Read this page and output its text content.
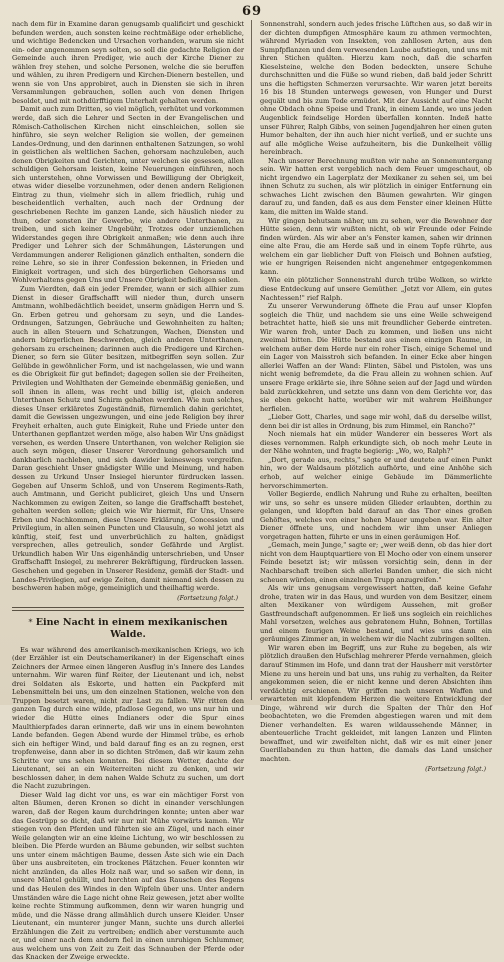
69

nach dem für in Examine daran genugsamb qualificirt und geschickt befunden werden, auch sonsten keine rechtmäßige oder erhebliche, und wichtige Bedencken und Ursachen vorhanden, warum sie nicht ein- oder angenommen seyn solten, so soll die gedachte Religion der Gemeinde auch ihren Prediger, wie auch der Kirche Diener zu wählen frey stehen, und solche Personen, welche die sie beruffen und wählen, zu ihren Predigern und Kirchen-Dienern bestellen, und wenn sie von Uns approbiret, auch in Diensten sie sich in ihren Versammlungen gebrauchen, sollen auch von denen Ihrigen besoldet, und mit nothdürfftigem Unterhalt gehalten werden.

Damit auch zum Dritten, so viel möglich, verhütet und vorkommen werde, daß sich die Lehrer und Secten in der Evangelischen und Römisch-Catholischen Kirchen nicht einschleichen, sollen sie hinführo, sie seyn welcher Religion sie wollen, der gemeinen Landes-Ordnung, und den darinnen enthaltenen Satzungen, so wohl in geistlichen als weltlichen Sachen, gehorsam nachzuleben, auch denen Obrigkeiten und Gerichten, unter welchen sie gesessen, allen schuldigen Gehorsam leisten, keine Neuerungen einführen, noch sich unterstehen, ohne Vorwissen und Bewilligung der Obrigkeit, etwas wider dieselbe vorzunehmen, oder denen andern Religionen Eintrag zu thun, vielmehr sich in allem friedlich, ruhig und bescheidentlich verhalten, auch nach der Ordnung der geschriebenen Rechte im ganzen Lande, sich häuslich nieder zu thun, oder sonsten ihr Gewerbe, wie andere Unterthanen, zu treiben, und sich keiner Ungebühr, Trotzes oder unziemlichen Widerstandes gegen ihre Obrigkeit anmaßen; wie denn auch ihre Prediger und Lehrer sich der Schmähungen, Lästerungen und Verdammungen anderer Religionen gänzlich enthalten, sondern die reine Lehre, so sie in ihrer Confession bekennen, in Frieden und Einigkeit vortragen, und sich des bürgerlichen Gehorsams und Wohlverhaltens gegen Uns und Unsere Obrigkeit befleißigen sollen.

Zum Vierdten, daß ein jeder Fremder, wann er sich allhier zum Dienst in dieser Graffschafft will nieder thun, durch unsern Amtmann, wohlbedächtlich beeidet, unserm gnädigen Herrn und S. Gn. Erben getreu und gehorsam zu seyn, und die Landes-Ordnungen, Satzungen, Gebräuche und Gewohnheiten zu halten; auch in allen Steuern und Schatzungen, Wachen, Diensten und andern bürgerlichen Beschwerden, gleich anderen Unterthanen, gehorsam zu erscheinen; darinnen auch die Predigere und Kirchen-Diener, so fern sie Güter besitzen, mitbegriffen seyn sollen. Zur Gelübde in gewöhnlicher Form, und ist nachgelassen, wie und wann es die Obrigkeit für gut befindet; dagegen sollen sie der Freiheiten, Privilegien und Wohlthaten der Gemeinde ebenmäßig genießen, und soll ihnen in allem, was recht und billig ist, gleich anderen Unterthanen Schutz und Schirm gehalten werden. Wie nun solches, dieses Unser erkläretes Zugeständniß, fürnemlich dahin gerichtet, damit die Gewissen ungezwungen, und eine jede Religion bey ihrer Freyheit erhalten, auch gute Einigkeit, Ruhe und Friede unter den Unterthanen gepflantzet werden möge, also haben Wir Uns gnädigst versehen, es werden Unsere Unterthanen, von welcher Religion sie auch seyn mögen, dieser Unserer Verordnung gehorsamlich und dankbarlich nachleben, und sich dawider keineswegs vergreifen. Daran geschieht Unser gnädigster Wille und Meinung, und haben dessen zu Urkund Unser Insiegel hierunter fürdrucken lassen. Gegeben auf Unserm Schloß, und von Unserem Regiments-Rath, auch Amtmann, und Gericht publiciret, gleich Uns und Unsern Nachkommen zu ewigen Zeiten, so lange die Graffschafft bestehet, gehalten werden sollen; gleich wie Wir hiermit, für Uns, Unsere Erben und Nachkommen, diese Unsere Erklärung, Concession und Privilegium, in allen seinen Puncten und Clausuln, so wohl jetzt als künftig, steif, fest und unverbrüchlich zu halten, gnädigst versprechen, alles getreulich, sonder Gefährde und Arglist. Urkundlich haben Wir Uns eigenhändig unterschrieben, und Unser Graffschafft Insiegel, zu mehrerer Bekräftigung, fürdrucken lassen. Geschehen und gegeben in Unserer Residenz, gemäß der Stadt- und Landes-Privilegien, auf ewige Zeiten, damit niemand sich dessen zu beschweren haben möge, gemeiniglich und theilhaftig werde.

(Fortsetzung folgt.)
* Eine Nacht in einem mexikanischen Walde.

Es war während des amerikanisch-mexikanischen Kriegs, wo ich (der Erzähler ist ein Deutschamerikaner) in der Eigenschaft eines Zeichners der Armee einen längeren Ausflug in's Innere des Landes unternahm. Wir waren fünf Reiter, der Lieutenant und ich, nebst drei Soldaten als Eskorte, und hatten ein Packpferd mit Lebensmitteln bei uns, um den einzelnen Stationen, welche von den Truppen besetzt waren, nicht zur Last zu fallen. Wir ritten den ganzen Tag durch eine wilde, pfadlose Gegend, wo uns nur hin und wieder die Hütte eines Indianers oder die Spur eines Maulthierpfades daran erinnerte, daß wir uns in einem bewohnten Lande befanden. Gegen Abend wurde der Himmel trübe, es erhob sich ein heftiger Wind, und bald darauf fing es an zu regnen, erst tropfenweise, dann aber in so dichten Strömen, daß wir kaum zehn Schritte vor uns sehen konnten. Bei diesem Wetter, dachte der Lieutenant, sei an ein Weiterreiten nicht zu denken, und wir beschlossen daher, in dem nahen Walde Schutz zu suchen, um dort die Nacht zuzubringen.

Dieser Wald lag dicht vor uns, es war ein mächtiger Forst von alten Bäumen, deren Kronen so dicht in einander verschlungen waren, daß der Regen kaum durchdringen konnte; unten aber war das Gestrüpp so dicht, daß wir nur mit Mühe vorwärts kamen. Wir stiegen von den Pferden und führten sie am Zügel, und nach einer Weile gelangten wir an eine kleine Lichtung, wo wir beschlossen zu bleiben. Die Pferde wurden an Bäume gebunden, wir selbst suchten uns unter einem mächtigen Baume, dessen Äste sich wie ein Dach über uns ausbreiteten, ein trockenes Plätzchen. Feuer konnten wir nicht anzünden, da alles Holz naß war, und so saßen wir denn, in unsere Mäntel gehüllt, und horchten auf das Rauschen des Regens und das Heulen des Windes in den Wipfeln über uns. Unter andern Umständen wäre die Lage nicht ohne Reiz gewesen, jetzt aber wollte keine rechte Stimmung aufkommen, denn wir waren hungrig und müde, und die Nässe drang allmählich durch unsere Kleider. Unser Lieutenant, ein munterer junger Mann, suchte uns durch allerlei Erzählungen die Zeit zu vertreiben; endlich aber verstummte auch er, und einer nach dem andern fiel in einen unruhigen Schlummer, aus welchem uns von Zeit zu Zeit das Schnauben der Pferde oder das Knacken der Zweige erweckte.

Sonnenstrahl, sondern auch jedes frische Lüftchen aus, so daß wir in der dichten dumpfigen Atmosphäre kaum zu athmen vermochten, während Myriaden von Insekten, von zahllosen Arten, aus den Sumpfpflanzen und dem verwesenden Laube aufstiegen, und uns mit ihren Stichen quälten. Hierzu kam noch, daß die scharfen Kieselsteine, welche den Boden bedeckten, unsere Schuhe durchschnitten und die Füße so wund rieben, daß bald jeder Schritt uns die heftigsten Schmerzen verursachte. Wir waren jetzt bereits 16 bis 18 Stunden unterwegs gewesen, von Hunger und Durst gequält und bis zum Tode ermüdet. Mit der Aussicht auf eine Nacht ohne Obdach ohne Speise und Trank, in einem Lande, wo uns jeden Augenblick feindselige Horden überfallen konnten. Indeß hatte unser Führer, Ralph Gibbs, von seinen Jugendjahren her einen guten Humor behalten, der ihn auch hier nicht verließ, und er suchte uns auf alle mögliche Weise aufzuheitern, bis die Dunkelheit völlig hereinbrach.

Nach unserer Berechnung mußten wir nahe an Sonnenuntergang sein. Wir hatten erst vergeblich nach dem Feuer umgeschaut, ob nicht irgendwo ein Lagerplatz der Mexikaner zu sehen sei, um bei ihnen Schutz zu suchen, als wir plötzlich in einiger Entfernung ein schwaches Licht zwischen den Bäumen gewahrten. Wir gingen darauf zu, und fanden, daß es aus dem Fenster einer kleinen Hütte kam, die mitten im Walde stand.

Wir gingen behutsam näher, um zu sehen, wer die Bewohner der Hütte seien, denn wir wußten nicht, ob wir Freunde oder Feinde finden würden. Als wir aber an's Fenster kamen, sahen wir drinnen eine alte Frau, die am Herde saß und in einem Topfe rührte, aus welchem ein gar lieblicher Duft von Fleisch und Bohnen aufstieg, wie er hungrigen Reisenden nicht angenehmer entgegenkommen kann.

Wie ein plötzlicher Sonnenstrahl durch trübe Wolken, so wirkte diese Entdeckung auf unsere Gemüther. „Jetzt vor Allem, ein gutes Nachtessen!" rief Ralph.

Zu unserer Verwunderung öffnete die Frau auf unser Klopfen sogleich die Thür, und nachdem sie uns eine Weile schweigend betrachtet hatte, hieß sie uns mit freundlicher Geberde eintreten. Wir waren froh, unter Dach zu kommen, und ließen uns nicht zweimal bitten. Die Hütte bestand aus einem einzigen Raume, in welchem außer dem Herde nur ein roher Tisch, einige Schemel und ein Lager von Maisstroh sich befanden. In einer Ecke aber hingen allerlei Waffen an der Wand: Flinten, Säbel und Pistolen, was uns nicht wenig befremdete, da die Frau allein zu wohnen schien. Auf unsere Frage erklärte sie, ihre Söhne seien auf der Jagd und würden bald zurückkehren, und setzte uns dann von dem Gerichte vor, das sie eben gekocht hatte, worüber wir mit wahrem Heißhunger herfielen.

„Lieber Gott, Charles, und sage mir wohl, daß du derselbe willst, denn bei dir ist alles in Ordnung, bis zum Himmel, ein Rancho?"

Noch niemals hat ein müder Wanderer ein besseres Wort als dieses vernommen. Ralph erkundigte sich, ob noch mehr Leute in der Nähe wohnten, und fragte begierig: „Wo, wo, Ralph?"

„Dort, gerade aus, rechts," sagte er und deutete auf einen Punkt hin, wo der Waldsaum plötzlich aufhörte, und eine Anhöhe sich erhob, auf welcher einige Gebäude im Dämmerlichte hervorschimmerten.

Voller Begierde, endlich Nahrung und Ruhe zu erhalten, beeilten wir uns, so sehr es unsere müden Glieder erlaubten, dorthin zu gelangen, und klopften bald darauf an das Thor eines großen Gehöftes, welches von einer hohen Mauer umgeben war. Ein alter Diener öffnete uns, und nachdem wir ihm unser Anliegen vorgetragen hatten, führte er uns in einen geräumigen Hof.

„Gemach, mein Junge," sagte er; „wer weiß denn, ob das hier dort nicht von dem Hauptquartiere von El Mocho oder von einem unserer Feinde besetzt ist; wir müssen vorsichtig sein, denn in der Nachbarschaft treiben sich allerlei Banden umher, die sich nicht scheuen würden, einen einzelnen Trupp anzugreifen."

Als wir uns genugsam vergewissert hatten, daß keine Gefahr drohe, traten wir in das Haus, und wurden von dem Besitzer, einem alten Mexikaner von würdigem Aussehen, mit großer Gastfreundschaft aufgenommen. Er ließ uns sogleich ein reichliches Mahl vorsetzen, welches aus gebratenem Huhn, Bohnen, Tortillas und einem feurigen Weine bestand, und wies uns dann ein geräumiges Zimmer an, in welchem wir die Nacht zubringen sollten.

Wir waren eben im Begriff, uns zur Ruhe zu begeben, als wir plötzlich draußen den Hufschlag mehrerer Pferde vernahmen, gleich darauf Stimmen im Hofe, und dann trat der Hausherr mit verstörter Miene zu uns herein und bat uns, uns ruhig zu verhalten, da Reiter angekommen seien, die er nicht kenne und deren Absichten ihm verdächtig erschienen. Wir griffen nach unseren Waffen und erwarteten mit klopfendem Herzen die weitere Entwicklung der Dinge, während wir durch die Spalten der Thür den Hof beobachteten, wo die Fremden abgestiegen waren und mit dem Diener verhandelten. Es waren wildaussehende Männer, in abenteuerliche Tracht gekleidet, mit langen Lanzen und Flinten bewaffnet, und wir zweifelten nicht, daß wir es mit einer jener Guerillabanden zu thun hatten, die damals das Land unsicher machten.

(Fortsetzung folgt.)
